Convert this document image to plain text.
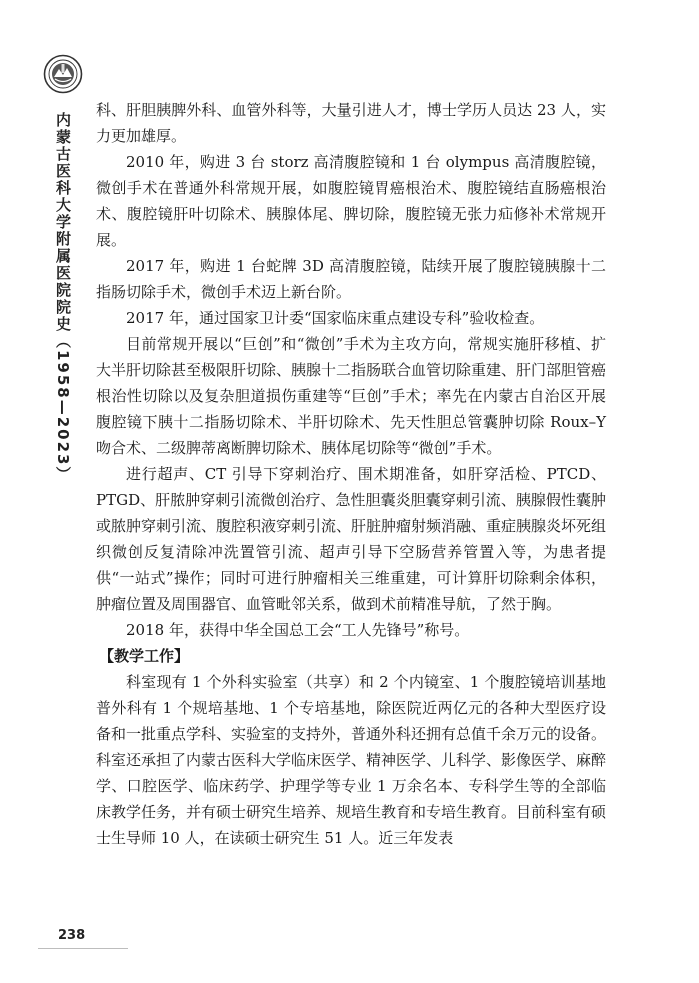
内蒙古医科大学附属医院院史（1958—2023）
238

科、肝胆胰脾外科、血管外科等，大量引进人才，博士学历人员达 23 人，实力更加雄厚。

2010 年，购进 3 台 storz 高清腹腔镜和 1 台 olympus 高清腹腔镜，微创手术在普通外科常规开展，如腹腔镜胃癌根治术、腹腔镜结直肠癌根治术、腹腔镜肝叶切除术、胰腺体尾、脾切除，腹腔镜无张力疝修补术常规开展。

2017 年，购进 1 台蛇牌 3D 高清腹腔镜，陆续开展了腹腔镜胰腺十二指肠切除手术，微创手术迈上新台阶。

2017 年，通过国家卫计委“国家临床重点建设专科”验收检查。

目前常规开展以“巨创”和“微创”手术为主攻方向，常规实施肝移植、扩大半肝切除甚至极限肝切除、胰腺十二指肠联合血管切除重建、肝门部胆管癌根治性切除以及复杂胆道损伤重建等“巨创”手术；率先在内蒙古自治区开展腹腔镜下胰十二指肠切除术、半肝切除术、先天性胆总管囊肿切除 Roux–Y 吻合术、二级脾蒂离断脾切除术、胰体尾切除等“微创”手术。

进行超声、CT 引导下穿刺治疗、围术期准备，如肝穿活检、PTCD、PTGD、肝脓肿穿刺引流微创治疗、急性胆囊炎胆囊穿刺引流、胰腺假性囊肿或脓肿穿刺引流、腹腔积液穿刺引流、肝脏肿瘤射频消融、重症胰腺炎坏死组织微创反复清除冲洗置管引流、超声引导下空肠营养管置入等，为患者提供“一站式”操作；同时可进行肿瘤相关三维重建，可计算肝切除剩余体积，肿瘤位置及周围器官、血管毗邻关系，做到术前精准导航，了然于胸。

2018 年，获得中华全国总工会“工人先锋号”称号。

【教学工作】

科室现有 1 个外科实验室（共享）和 2 个内镜室、1 个腹腔镜培训基地普外科有 1 个规培基地、1 个专培基地，除医院近两亿元的各种大型医疗设备和一批重点学科、实验室的支持外，普通外科还拥有总值千余万元的设备。科室还承担了内蒙古医科大学临床医学、精神医学、儿科学、影像医学、麻醉学、口腔医学、临床药学、护理学等专业 1 万余名本、专科学生等的全部临床教学任务，并有硕士研究生培养、规培生教育和专培生教育。目前科室有硕士生导师 10 人，在读硕士研究生 51 人。近三年发表
